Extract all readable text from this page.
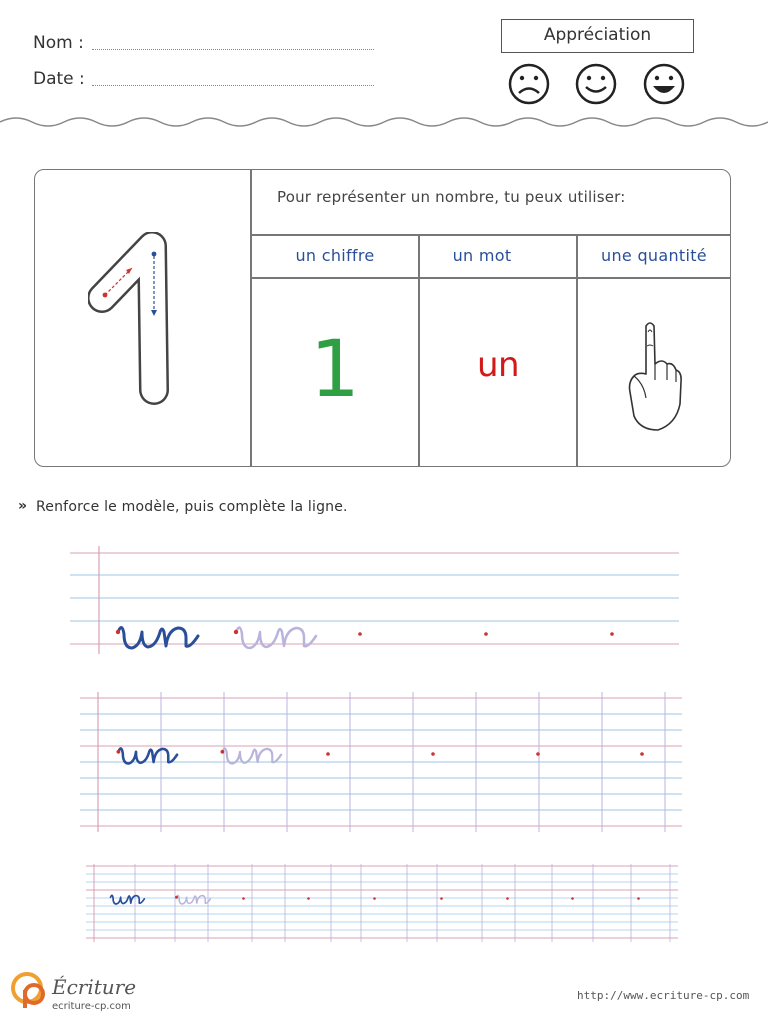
Nom :
Date :
Appréciation
Pour représenter un nombre, tu peux utiliser:
un chiffre	un mot	une quantité
1	un
» Renforce le modèle, puis complète la ligne.
Écriture
ecriture-cp.com
http://www.ecriture-cp.com
